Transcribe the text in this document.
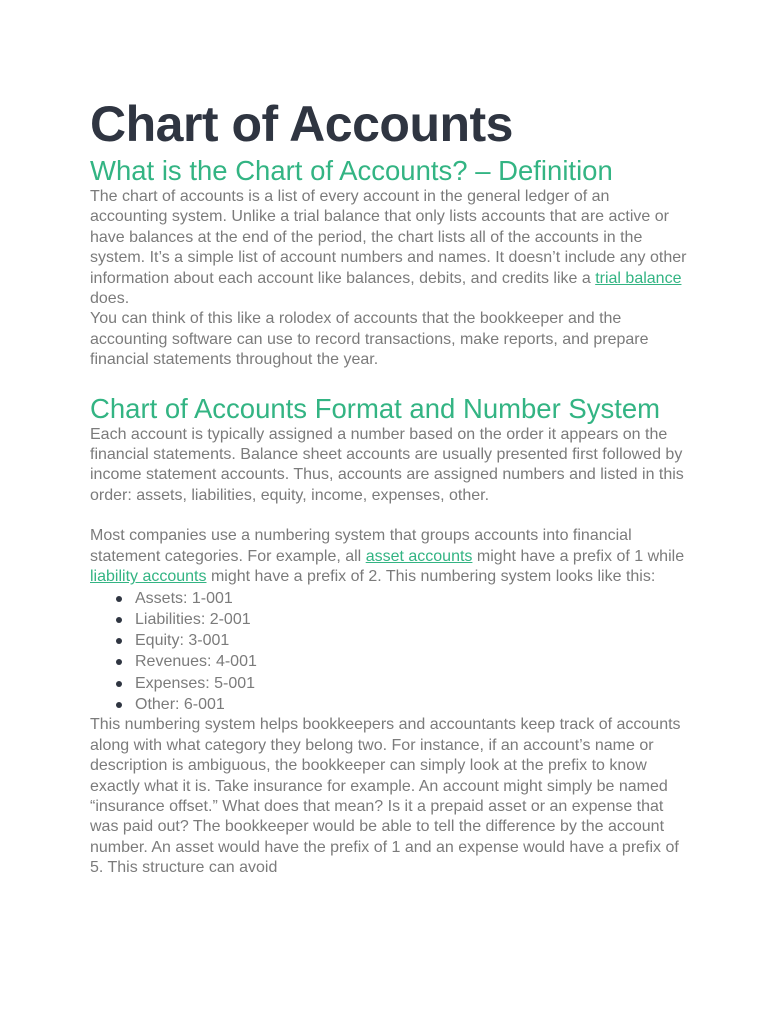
Chart of Accounts
What is the Chart of Accounts? – Definition

The chart of accounts is a list of every account in the general ledger of an accounting system. Unlike a trial balance that only lists accounts that are active or have balances at the end of the period, the chart lists all of the accounts in the system. It’s a simple list of account numbers and names. It doesn’t include any other information about each account like balances, debits, and credits like a trial balance does.

You can think of this like a rolodex of accounts that the bookkeeper and the accounting software can use to record transactions, make reports, and prepare financial statements throughout the year.

Chart of Accounts Format and Number System

Each account is typically assigned a number based on the order it appears on the financial statements. Balance sheet accounts are usually presented first followed by income statement accounts. Thus, accounts are assigned numbers and listed in this order: assets, liabilities, equity, income, expenses, other.

Most companies use a numbering system that groups accounts into financial statement categories. For example, all asset accounts might have a prefix of 1 while liability accounts might have a prefix of 2. This numbering system looks like this:

Assets: 1-001
Liabilities: 2-001
Equity: 3-001
Revenues: 4-001
Expenses: 5-001
Other: 6-001

This numbering system helps bookkeepers and accountants keep track of accounts along with what category they belong two. For instance, if an account’s name or description is ambiguous, the bookkeeper can simply look at the prefix to know exactly what it is. Take insurance for example. An account might simply be named “insurance offset.” What does that mean? Is it a prepaid asset or an expense that was paid out? The bookkeeper would be able to tell the difference by the account number. An asset would have the prefix of 1 and an expense would have a prefix of 5. This structure can avoid
